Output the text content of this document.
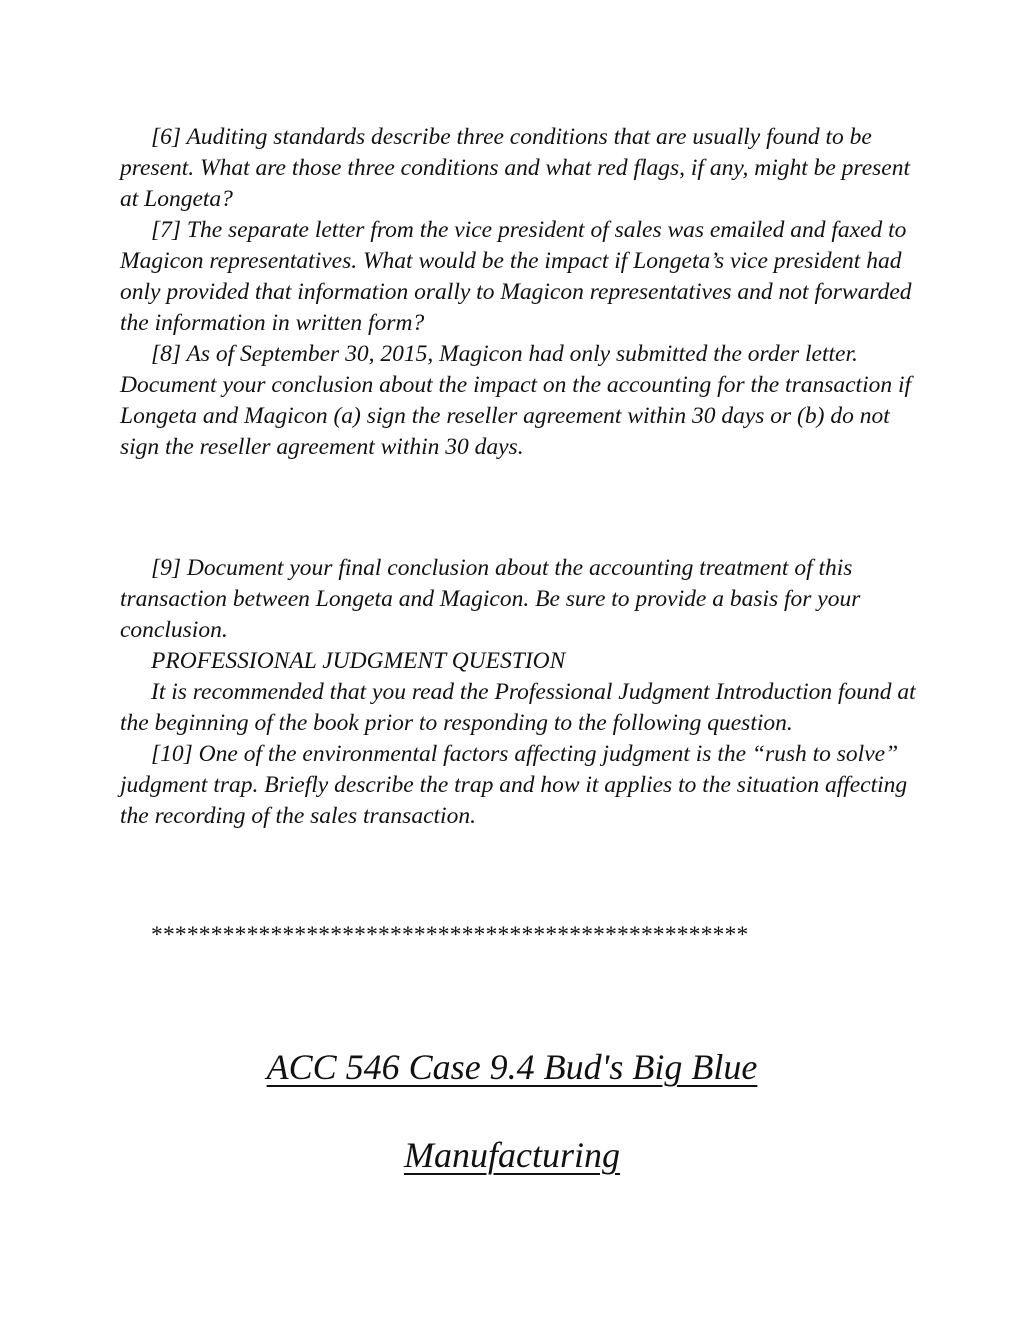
[6] Auditing standards describe three conditions that are usually found to be present. What are those three conditions and what red flags, if any, might be present at Longeta?

[7] The separate letter from the vice president of sales was emailed and faxed to Magicon representatives. What would be the impact if Longeta’s vice president had only provided that information orally to Magicon representatives and not forwarded the information in written form?

[8] As of September 30, 2015, Magicon had only submitted the order letter. Document your conclusion about the impact on the accounting for the transaction if Longeta and Magicon (a) sign the reseller agreement within 30 days or (b) do not sign the reseller agreement within 30 days.

[9] Document your final conclusion about the accounting treatment of this transaction between Longeta and Magicon. Be sure to provide a basis for your conclusion.

PROFESSIONAL JUDGMENT QUESTION

It is recommended that you read the Professional Judgment Introduction found at the beginning of the book prior to responding to the following question.

[10] One of the environmental factors affecting judgment is the “rush to solve” judgment trap. Briefly describe the trap and how it applies to the situation affecting the recording of the sales transaction.

**************************************************
ACC 546 Case 9.4 Bud's Big Blue
Manufacturing
